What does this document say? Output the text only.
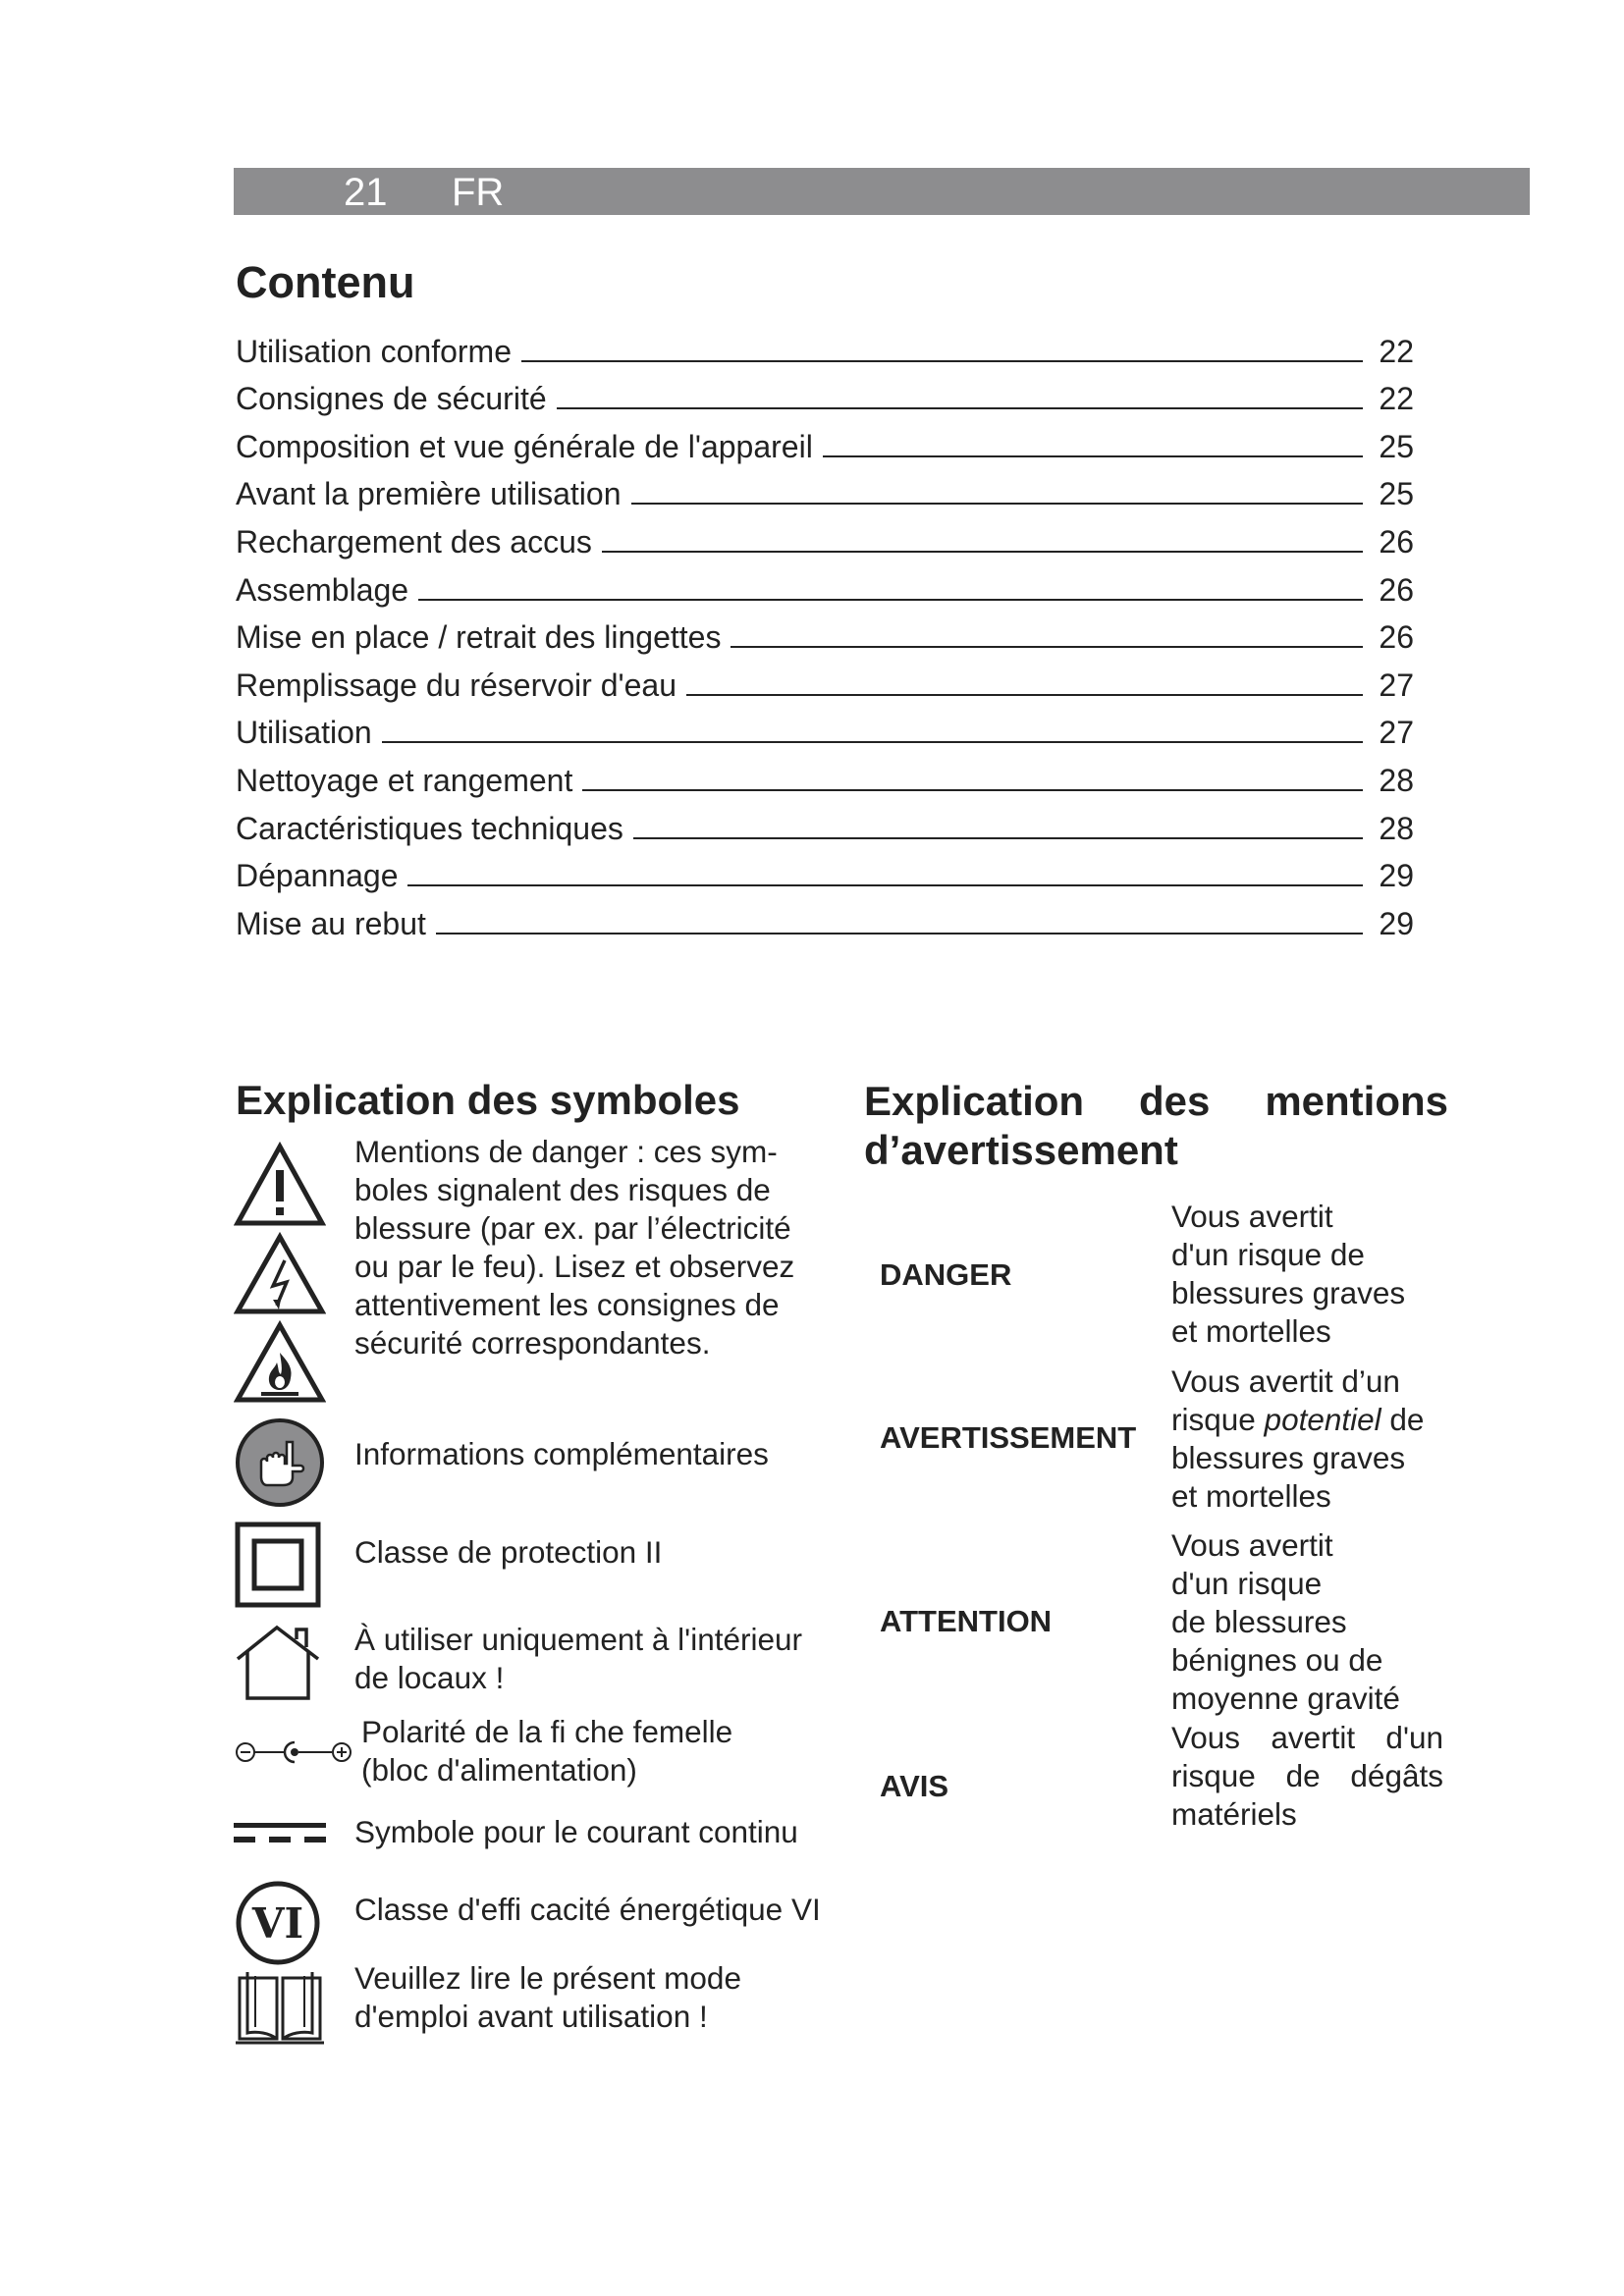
21 FR
Contenu
Utilisation conforme	22
Consignes de sécurité	22
Composition et vue générale de l'appareil	25
Avant la première utilisation	25
Rechargement des accus	26
Assemblage	26
Mise en place / retrait des lingettes	26
Remplissage du réservoir d'eau	27
Utilisation	27
Nettoyage et rangement	28
Caractéristiques techniques	28
Dépannage	29
Mise au rebut	29
Explication des symboles
Mentions de danger : ces sym-
boles signalent des risques de
blessure (par ex. par l’électricité
ou par le feu). Lisez et observez
attentivement les consignes de
sécurité correspondantes.
Informations complémentaires
Classe de protection II
À utiliser uniquement à l'intérieur
de locaux !
Polarité de la fi che femelle
(bloc d'alimentation)
Symbole pour le courant continu
VI Classe d'effi cacité énergétique VI
Veuillez lire le présent mode
d'emploi avant utilisation !
Explication des mentions
d’avertissement
DANGER
Vous avertit
d'un risque de
blessures graves
et mortelles
AVERTISSEMENT
Vous avertit d’un
risque potentiel de
blessures graves
et mortelles
ATTENTION
Vous avertit
d'un risque
de blessures
bénignes ou de
moyenne gravité
AVIS
Vous avertit d'un
risque de dégâts
matériels
